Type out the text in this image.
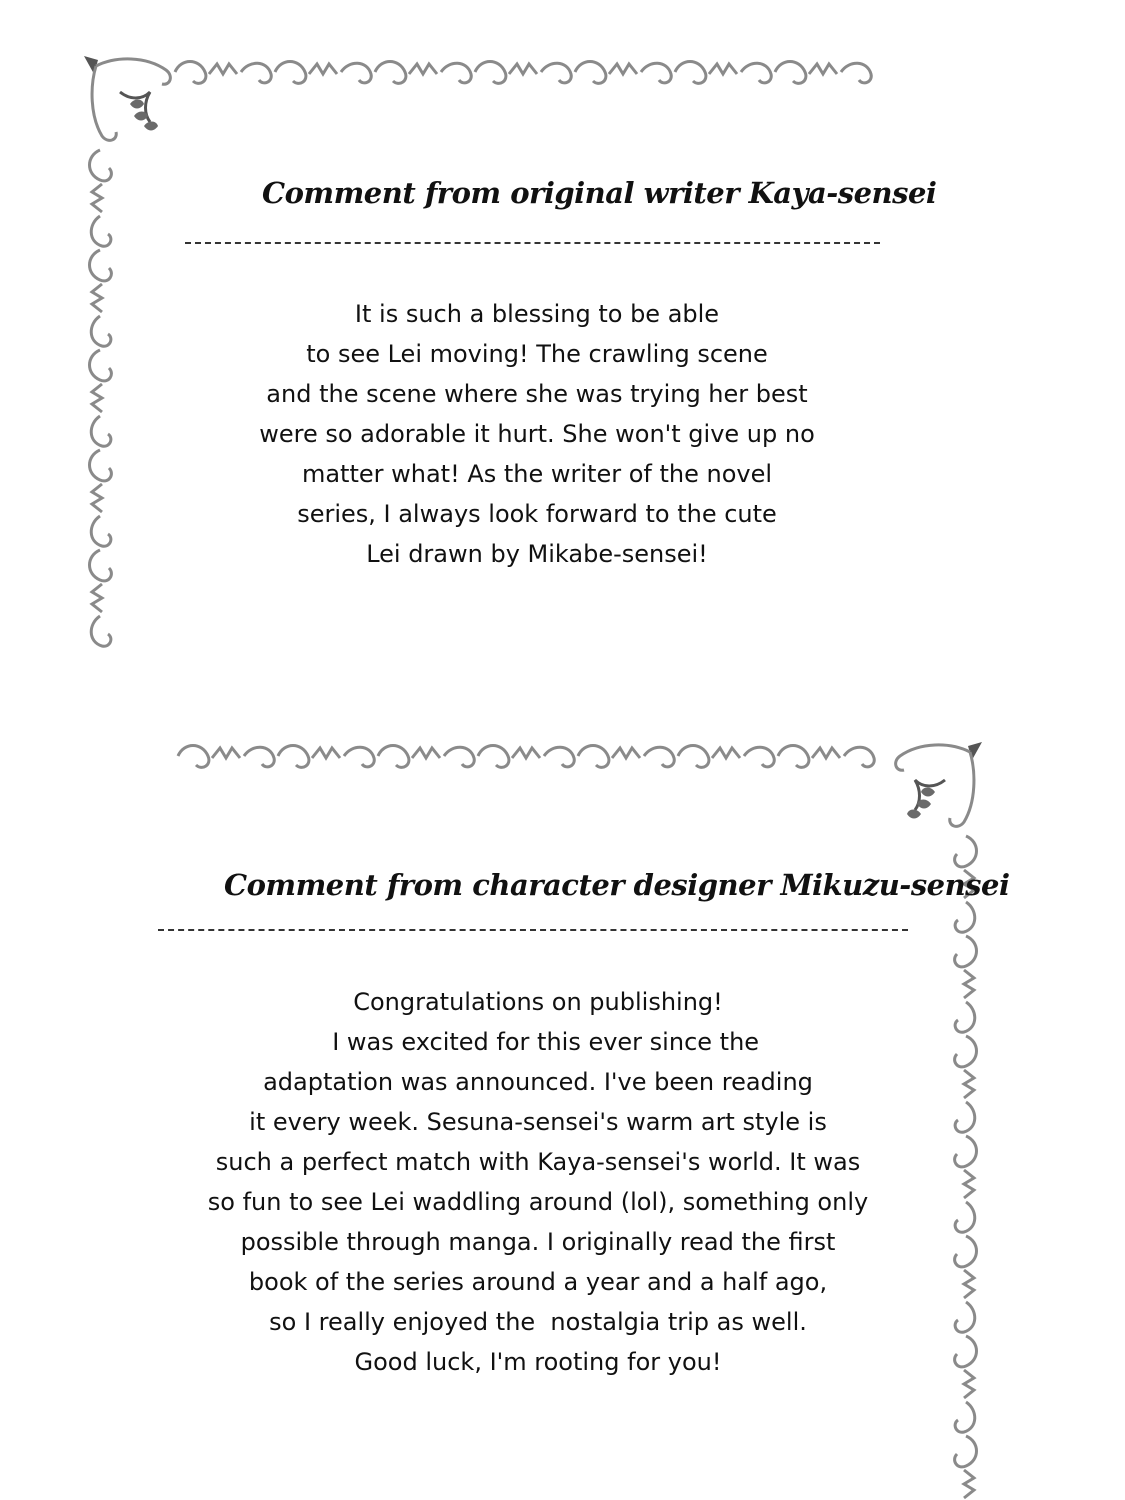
Comment from original writer Kaya-sensei
It is such a blessing to be able
to see Lei moving! The crawling scene
and the scene where she was trying her best
were so adorable it hurt. She won't give up no
matter what! As the writer of the novel
series, I always look forward to the cute
Lei drawn by Mikabe-sensei!
Comment from character designer Mikuzu-sensei
Congratulations on publishing!
I was excited for this ever since the
adaptation was announced. I've been reading
it every week. Sesuna-sensei's warm art style is
such a perfect match with Kaya-sensei's world. It was
so fun to see Lei waddling around (lol), something only
possible through manga. I originally read the first
book of the series around a year and a half ago,
so I really enjoyed the  nostalgia trip as well.
Good luck, I'm rooting for you!
